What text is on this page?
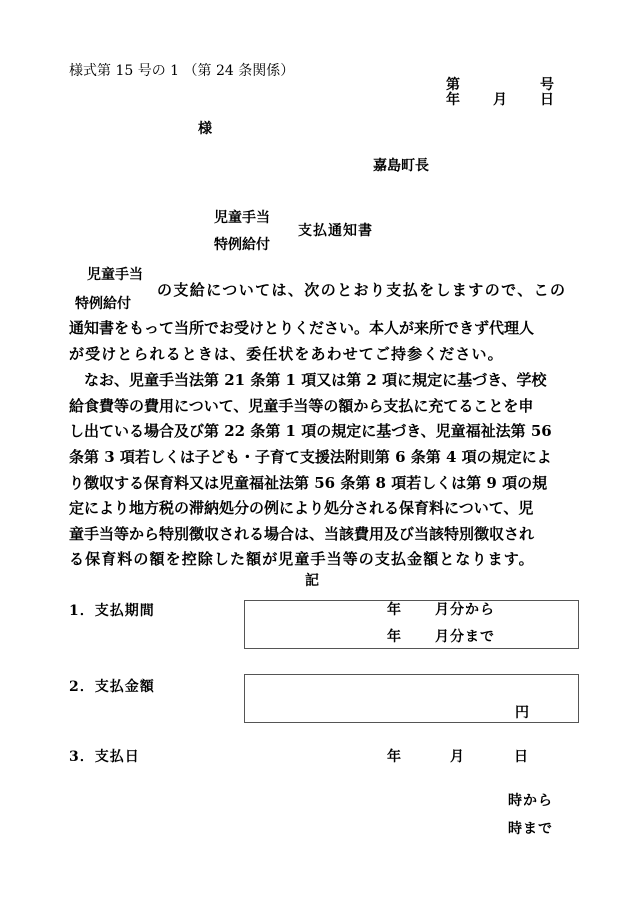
様式第 15 号の 1 （第 24 条関係）
第	号
年 月 日
様
嘉島町長
児童手当
特例給付
支払通知書
児童手当
特例給付
の支給については、次のとおり支払をしますので、この
通知書をもって当所でお受けとりください。本人が来所できず代理人
が受けとられるときは、委任状をあわせてご持参ください。
　なお、児童手当法第 21 条第 1 項又は第 2 項に規定に基づき、学校
給食費等の費用について、児童手当等の額から支払に充てることを申
し出ている場合及び第 22 条第 1 項の規定に基づき、児童福祉法第 56
条第 3 項若しくは子ども・子育て支援法附則第 6 条第 4 項の規定によ
り徴収する保育料又は児童福祉法第 56 条第 8 項若しくは第 9 項の規
定により地方税の滞納処分の例により処分される保育料について、児
童手当等から特別徴収される場合は、当該費用及び当該特別徴収され
る保育料の額を控除した額が児童手当等の支払金額となります。
記
1．支払期間	年 月分から
年 月分まで
2．支払金額
円
3．支払日	年	月	日
時から
時まで
